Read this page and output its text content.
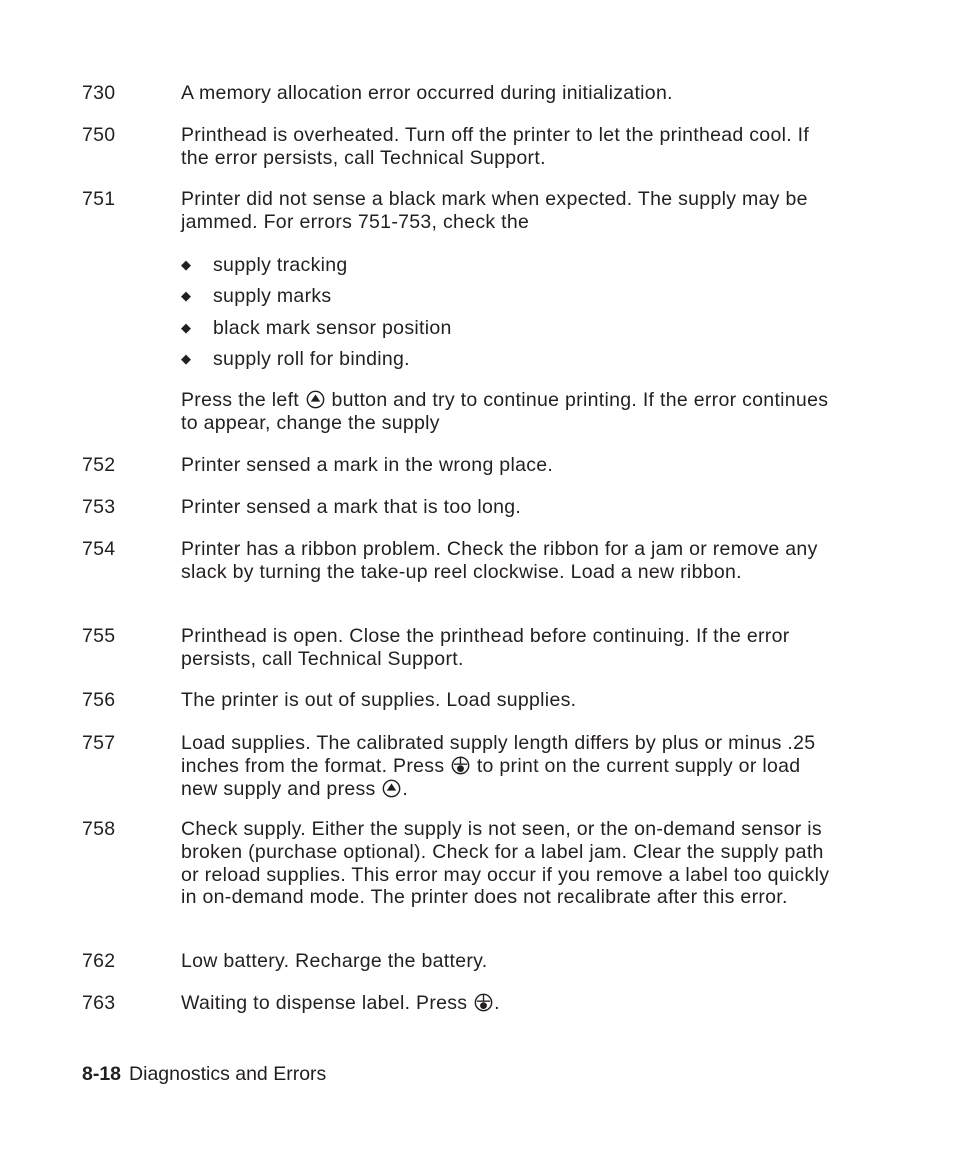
730	A memory allocation error occurred during initialization.
750	Printhead is overheated. Turn off the printer to let the printhead cool. If the error persists, call Technical Support.
751	Printer did not sense a black mark when expected. The supply may be jammed. For errors 751-753, check the
◆ supply tracking
◆ supply marks
◆ black mark sensor position
◆ supply roll for binding.
Press the left button and try to continue printing. If the error continues to appear, change the supply
752	Printer sensed a mark in the wrong place.
753	Printer sensed a mark that is too long.
754	Printer has a ribbon problem. Check the ribbon for a jam or remove any slack by turning the take-up reel clockwise. Load a new ribbon.
755	Printhead is open. Close the printhead before continuing. If the error persists, call Technical Support.
756	The printer is out of supplies. Load supplies.
757	Load supplies. The calibrated supply length differs by plus or minus .25 inches from the format. Press to print on the current supply or load new supply and press .
758	Check supply. Either the supply is not seen, or the on-demand sensor is broken (purchase optional). Check for a label jam. Clear the supply path or reload supplies. This error may occur if you remove a label too quickly in on-demand mode. The printer does not recalibrate after this error.
762	Low battery. Recharge the battery.
763	Waiting to dispense label. Press .
8-18 Diagnostics and Errors
